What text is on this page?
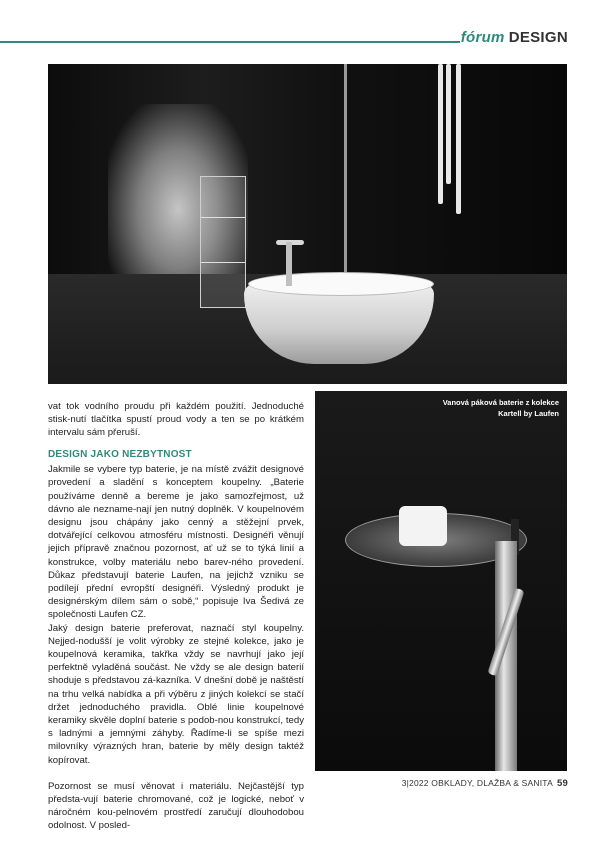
fórum DESIGN

vat tok vodního proudu při každém použití. Jednoduché stisk-nutí tlačítka spustí proud vody a ten se po krátkém intervalu sám přeruší.

DESIGN JAKO NEZBYTNOST

Jakmile se vybere typ baterie, je na místě zvážit designové provedení a sladění s konceptem koupelny. „Baterie používáme denně a bereme je jako samozřejmost, už dávno ale nezname-nají jen nutný doplněk. V koupelnovém designu jsou chápány jako cenný a stěžejní prvek, dotvářející celkovou atmosféru místnosti. Designéři věnují jejich přípravě značnou pozornost, ať už se to týká linií a konstrukce, volby materiálu nebo barev-ného provedení. Důkaz představují baterie Laufen, na jejichž vzniku se podílejí přední evropští designéři. Výsledný produkt je designérským dílem sám o sobě,“ popisuje Iva Šedivá ze společnosti Laufen CZ.

Jaký design baterie preferovat, naznačí styl koupelny. Nejjed-nodušší je volit výrobky ze stejné kolekce, jako je koupelnová keramika, takřka vždy se navrhují jako její perfektně vyladěná součást. Ne vždy se ale design baterií shoduje s představou zá-kazníka. V dnešní době je naštěstí na trhu velká nabídka a při výběru z jiných kolekcí se stačí držet jednoduchého pravidla. Oblé linie koupelnové keramiky skvěle doplní baterie s podob-nou konstrukcí, tedy s ladnými a jemnými záhyby. Řadíme-li se spíše mezi milovníky výrazných hran, baterie by měly design taktéž kopírovat.

Pozornost se musí věnovat i materiálu. Nejčastější typ předsta-vují baterie chromované, což je logické, neboť v náročném kou-pelnovém prostředí zaručují dlouhodobou odolnost. V posled-

Vanová páková baterie z kolekce
Kartell by Laufen
3|2022 OBKLADY, DLAŽBA & SANITA 59
